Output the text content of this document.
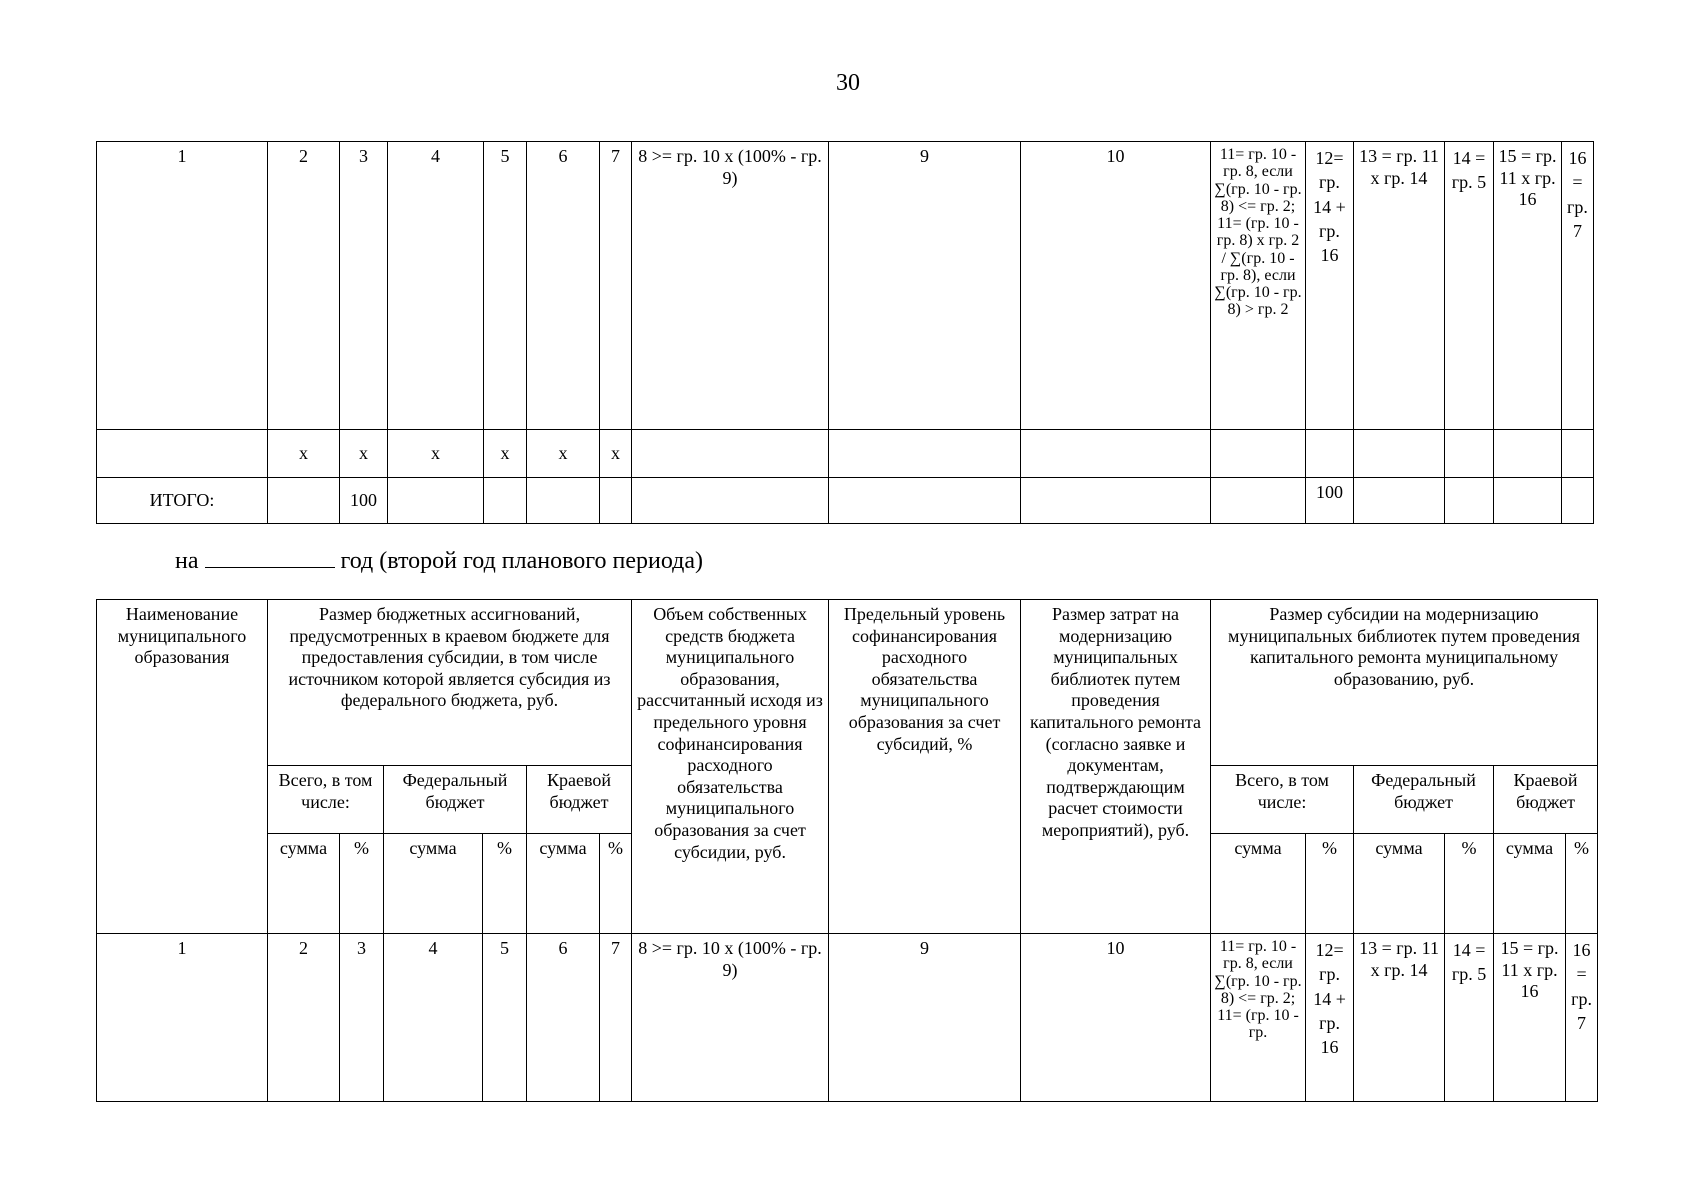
30
1	2	3	4	5	6	7	8 >= гр. 10 х (100% - гр. 9)	9	10	11= гр. 10 - гр. 8, если ∑(гр. 10 - гр. 8) <= гр. 2; 11= (гр. 10 - гр. 8) х гр. 2 / ∑(гр. 10 - гр. 8), если ∑(гр. 10 - гр. 8) > гр. 2	12= гр. 14 + гр. 16	13 = гр. 11 х гр. 14	14 = гр. 5	15 = гр. 11 х гр. 16	16 = гр. 7
	х	х	х	х	х	х									
ИТОГО:		100									100				
на	год (второй год планового периода)
Наименование муниципального образования	Размер бюджетных ассигнований, предусмотренных в краевом бюджете для предоставления субсидии, в том числе источником которой является субсидия из федерального бюджета, руб.						Объем собственных средств бюджета муниципального образования, рассчитанный исходя из предельного уровня софинансирования расходного обязательства муниципального образования за счет субсидии, руб.	Предельный уровень софинансирования расходного обязательства муниципального образования за счет субсидий, %	Размер затрат на модернизацию муниципальных библиотек путем проведения капитального ремонта (согласно заявке и документам, подтверждающим расчет стоимости мероприятий), руб.	Размер субсидии на модернизацию муниципальных библиотек путем проведения капитального ремонта муниципальному образованию, руб.					
	Всего, в том числе:		Федеральный бюджет		Краевой бюджет					Всего, в том числе:		Федеральный бюджет		Краевой бюджет	
	сумма	%	сумма	%	сумма	%				сумма	%	сумма	%	сумма	%
1	2	3	4	5	6	7	8 >= гр. 10 х (100% - гр. 9)	9	10	11= гр. 10 - гр. 8, если ∑(гр. 10 - гр. 8) <= гр. 2; 11= (гр. 10 - гр.	12= гр. 14 + гр. 16	13 = гр. 11 х гр. 14	14 = гр. 5	15 = гр. 11 х гр. 16	16 = гр. 7
